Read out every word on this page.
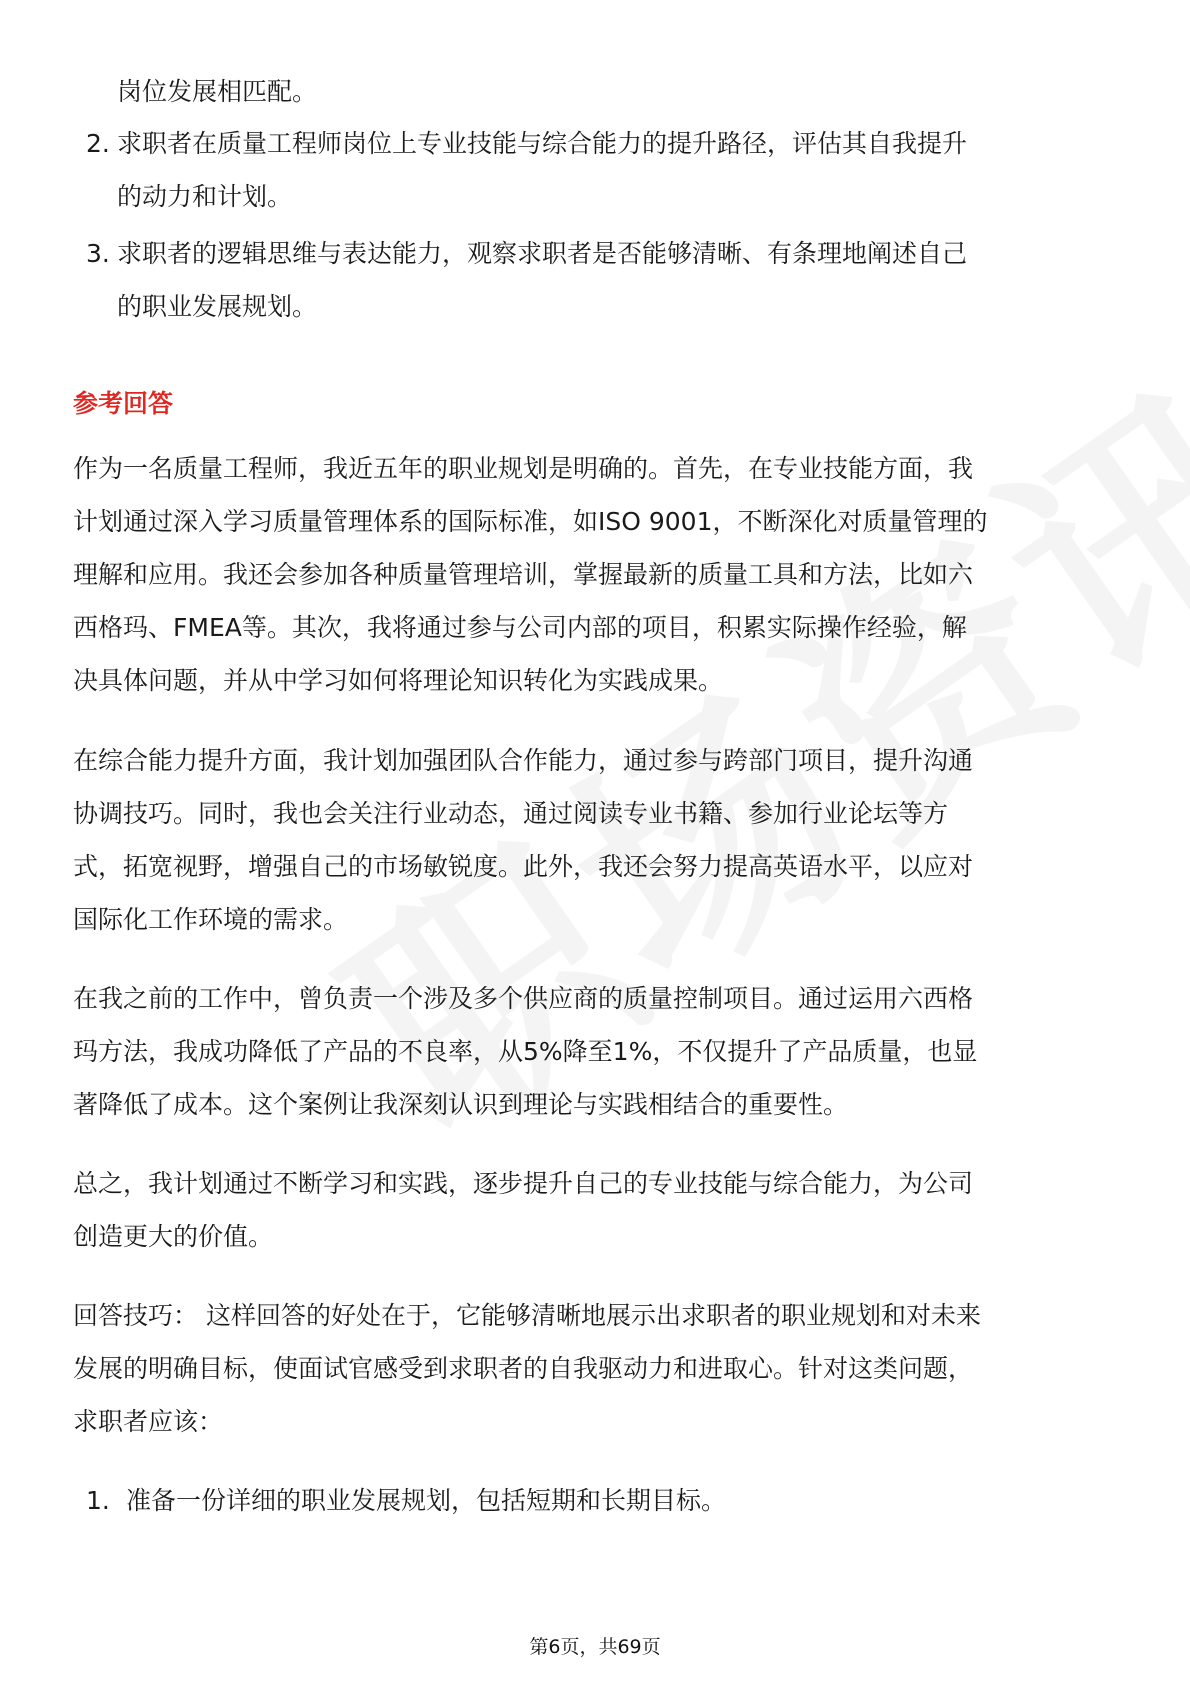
岗位发展相匹配。
2. 求职者在质量工程师岗位上专业技能与综合能力的提升路径，评估其自我提升
的动力和计划。
3. 求职者的逻辑思维与表达能力，观察求职者是否能够清晰、有条理地阐述自己
的职业发展规划。
参考回答
作为一名质量工程师，我近五年的职业规划是明确的。首先，在专业技能方面，我
计划通过深入学习质量管理体系的国际标准，如ISO 9001，不断深化对质量管理的
理解和应用。我还会参加各种质量管理培训，掌握最新的质量工具和方法，比如六
西格玛、FMEA等。其次，我将通过参与公司内部的项目，积累实际操作经验，解
决具体问题，并从中学习如何将理论知识转化为实践成果。
在综合能力提升方面，我计划加强团队合作能力，通过参与跨部门项目，提升沟通
协调技巧。同时，我也会关注行业动态，通过阅读专业书籍、参加行业论坛等方
式，拓宽视野，增强自己的市场敏锐度。此外，我还会努力提高英语水平，以应对
国际化工作环境的需求。
在我之前的工作中，曾负责一个涉及多个供应商的质量控制项目。通过运用六西格
玛方法，我成功降低了产品的不良率，从5%降至1%，不仅提升了产品质量，也显
著降低了成本。这个案例让我深刻认识到理论与实践相结合的重要性。
总之，我计划通过不断学习和实践，逐步提升自己的专业技能与综合能力，为公司
创造更大的价值。
回答技巧： 这样回答的好处在于，它能够清晰地展示出求职者的职业规划和对未来
发展的明确目标，使面试官感受到求职者的自我驱动力和进取心。针对这类问题，
求职者应该：
1. 准备一份详细的职业发展规划，包括短期和长期目标。
第6页，共69页
